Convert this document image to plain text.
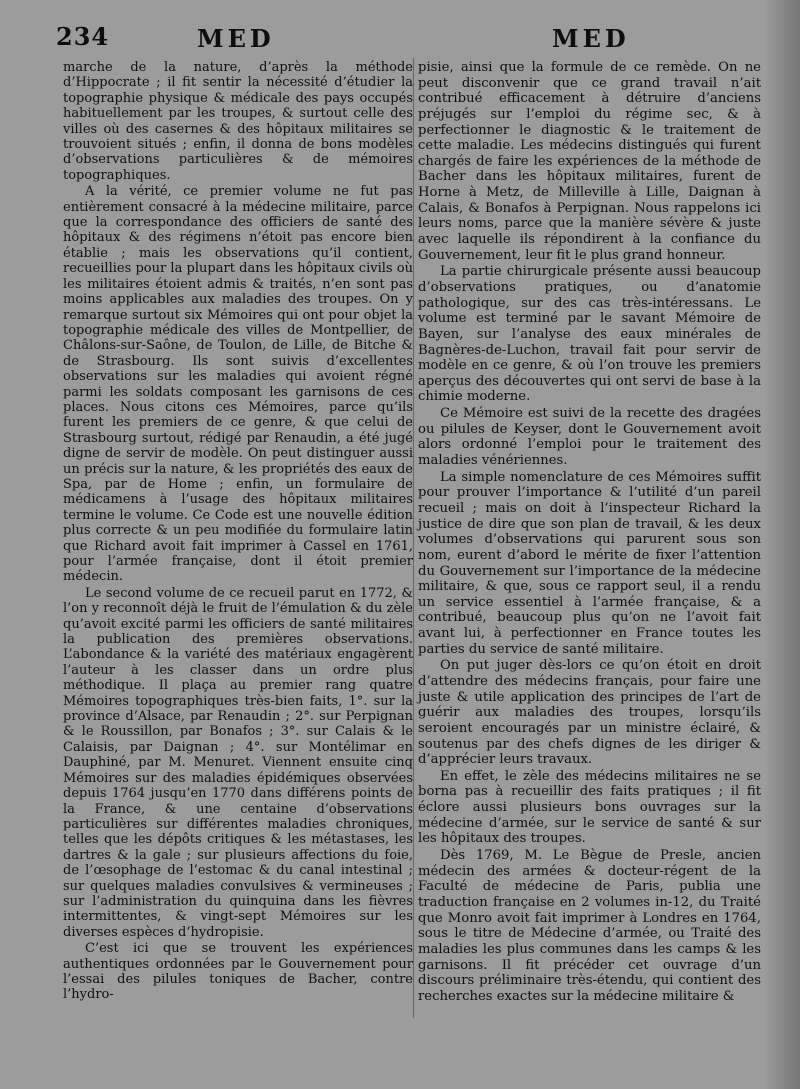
234	MED	MED

marche de la nature, d’après la méthode d’Hippocrate ; il fit sentir la nécessité d’étudier la topographie physique & médicale des pays occupés habituellement par les troupes, & surtout celle des villes où des casernes & des hôpitaux militaires se trouvoient situés ; enfin, il donna de bons modèles d’observations particulières & de mémoires topographiques.

A la vérité, ce premier volume ne fut pas entièrement consacré à la médecine militaire, parce que la correspondance des officiers de santé des hôpitaux & des régimens n’étoit pas encore bien établie ; mais les observations qu’il contient, recueillies pour la plupart dans les hôpitaux civils où les militaires étoient admis & traités, n’en sont pas moins applicables aux maladies des troupes. On y remarque surtout six Mémoires qui ont pour objet la topographie médicale des villes de Montpellier, de Châlons-sur-Saône, de Toulon, de Lille, de Bitche & de Strasbourg. Ils sont suivis d’excellentes observations sur les maladies qui avoient régné parmi les soldats composant les garnisons de ces places. Nous citons ces Mémoires, parce qu’ils furent les premiers de ce genre, & que celui de Strasbourg surtout, rédigé par Renaudin, a été jugé digne de servir de modèle. On peut distinguer aussi un précis sur la nature, & les propriétés des eaux de Spa, par de Home ; enfin, un formulaire de médicamens à l’usage des hôpitaux militaires termine le volume. Ce Code est une nouvelle édition plus correcte & un peu modifiée du formulaire latin que Richard avoit fait imprimer à Cassel en 1761, pour l’armée française, dont il étoit premier médecin.

Le second volume de ce recueil parut en 1772, & l’on y reconnoît déjà le fruit de l’émulation & du zèle qu’avoit excité parmi les officiers de santé militaires la publication des premières observations. L’abondance & la variété des matériaux engagèrent l’auteur à les classer dans un ordre plus méthodique. Il plaça au premier rang quatre Mémoires topographiques très-bien faits, 1°. sur la province d’Alsace, par Renaudin ; 2°. sur Perpignan & le Roussillon, par Bonafos ; 3°. sur Calais & le Calaisis, par Daignan ; 4°. sur Montélimar en Dauphiné, par M. Menuret. Viennent ensuite cinq Mémoires sur des maladies épidémiques observées depuis 1764 jusqu’en 1770 dans différens points de la France, & une centaine d’observations particulières sur différentes maladies chroniques, telles que les dépôts critiques & les métastases, les dartres & la gale ; sur plusieurs affections du foie, de l’œsophage de l’estomac & du canal intestinal ; sur quelques maladies convulsives & vermineuses ; sur l’administration du quinquina dans les fièvres intermittentes, & vingt-sept Mémoires sur les diverses espèces d’hydropisie.

C’est ici que se trouvent les expériences authentiques ordonnées par le Gouvernement pour l’essai des pilules toniques de Bacher, contre l’hydro-

pisie, ainsi que la formule de ce remède. On ne peut disconvenir que ce grand travail n’ait contribué efficacement à détruire d’anciens préjugés sur l’emploi du régime sec, & à perfectionner le diagnostic & le traitement de cette maladie. Les médecins distingués qui furent chargés de faire les expériences de la méthode de Bacher dans les hôpitaux militaires, furent de Horne à Metz, de Milleville à Lille, Daignan à Calais, & Bonafos à Perpignan. Nous rappelons ici leurs noms, parce que la manière sévère & juste avec laquelle ils répondirent à la confiance du Gouvernement, leur fit le plus grand honneur.

La partie chirurgicale présente aussi beaucoup d’observations pratiques, ou d’anatomie pathologique, sur des cas très-intéressans. Le volume est terminé par le savant Mémoire de Bayen, sur l’analyse des eaux minérales de Bagnères-de-Luchon, travail fait pour servir de modèle en ce genre, & où l’on trouve les premiers aperçus des découvertes qui ont servi de base à la chimie moderne.

Ce Mémoire est suivi de la recette des dragées ou pilules de Keyser, dont le Gouvernement avoit alors ordonné l’emploi pour le traitement des maladies vénériennes.

La simple nomenclature de ces Mémoires suffit pour prouver l’importance & l’utilité d’un pareil recueil ; mais on doit à l’inspecteur Richard la justice de dire que son plan de travail, & les deux volumes d’observations qui parurent sous son nom, eurent d’abord le mérite de fixer l’attention du Gouvernement sur l’importance de la médecine militaire, & que, sous ce rapport seul, il a rendu un service essentiel à l’armée française, & a contribué, beaucoup plus qu’on ne l’avoit fait avant lui, à perfectionner en France toutes les parties du service de santé militaire.

On put juger dès-lors ce qu’on étoit en droit d’attendre des médecins français, pour faire une juste & utile application des principes de l’art de guérir aux maladies des troupes, lorsqu’ils seroient encouragés par un ministre éclairé, & soutenus par des chefs dignes de les diriger & d’apprécier leurs travaux.

En effet, le zèle des médecins militaires ne se borna pas à recueillir des faits pratiques ; il fit éclore aussi plusieurs bons ouvrages sur la médecine d’armée, sur le service de santé & sur les hôpitaux des troupes.

Dès 1769, M. Le Bègue de Presle, ancien médecin des armées & docteur-régent de la Faculté de médecine de Paris, publia une traduction française en 2 volumes in-12, du Traité que Monro avoit fait imprimer à Londres en 1764, sous le titre de Médecine d’armée, ou Traité des maladies les plus communes dans les camps & les garnisons. Il fit précéder cet ouvrage d’un discours préliminaire très-étendu, qui contient des recherches exactes sur la médecine militaire &
